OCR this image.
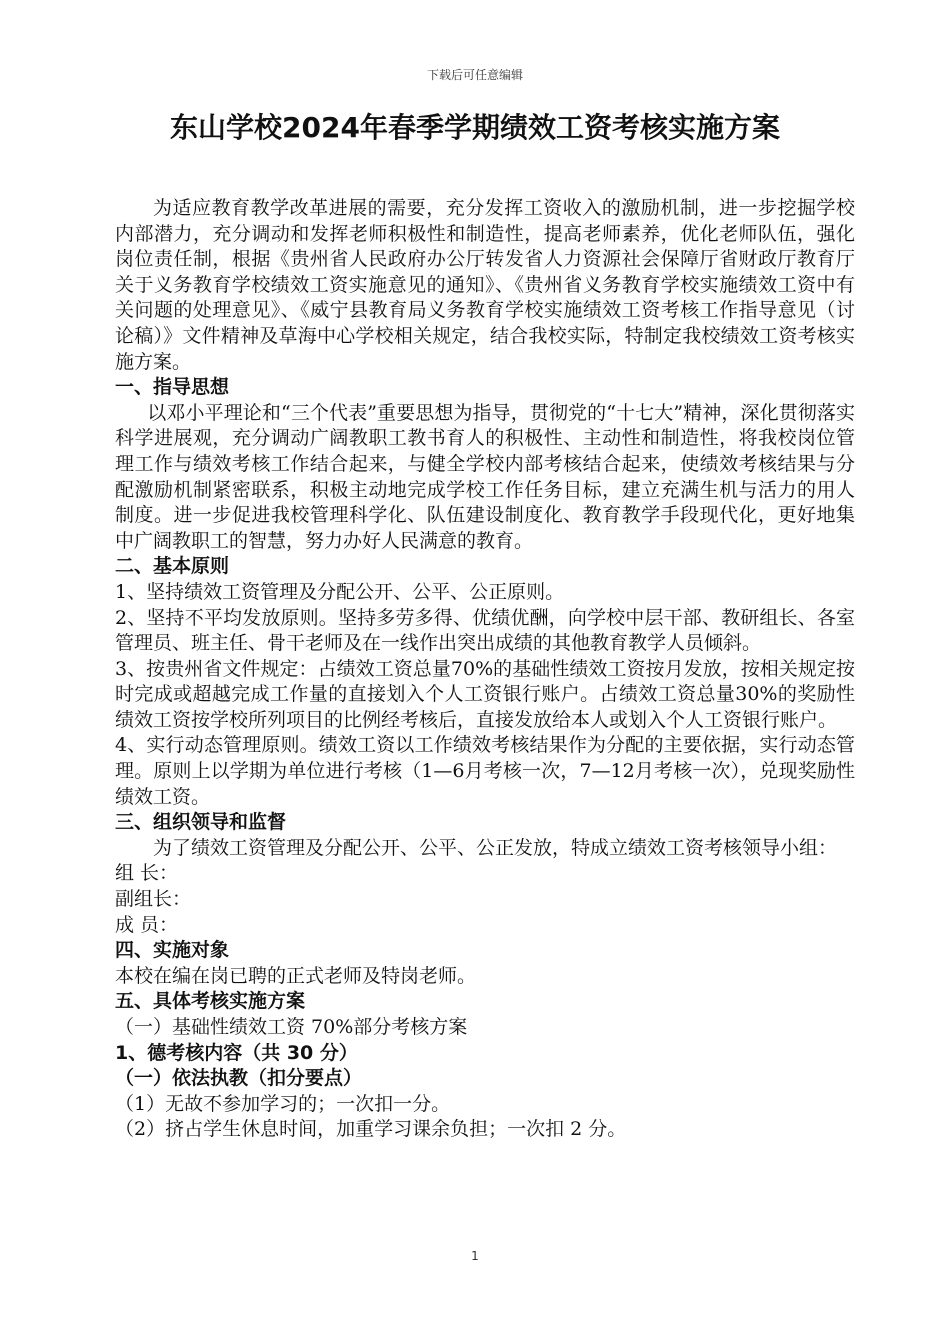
下载后可任意编辑
东山学校2024年春季学期绩效工资考核实施方案

为适应教育教学改革进展的需要，充分发挥工资收入的激励机制，进一步挖掘学校内部潜力，充分调动和发挥老师积极性和制造性，提高老师素养，优化老师队伍，强化岗位责任制，根据《贵州省人民政府办公厅转发省人力资源社会保障厅省财政厅教育厅关于义务教育学校绩效工资实施意见的通知》、《贵州省义务教育学校实施绩效工资中有关问题的处理意见》、《威宁县教育局义务教育学校实施绩效工资考核工作指导意见（讨论稿）》文件精神及草海中心学校相关规定，结合我校实际，特制定我校绩效工资考核实施方案。

一、指导思想

以邓小平理论和“三个代表”重要思想为指导，贯彻党的“十七大”精神，深化贯彻落实科学进展观，充分调动广阔教职工教书育人的积极性、主动性和制造性，将我校岗位管理工作与绩效考核工作结合起来，与健全学校内部考核结合起来，使绩效考核结果与分配激励机制紧密联系，积极主动地完成学校工作任务目标，建立充满生机与活力的用人制度。进一步促进我校管理科学化、队伍建设制度化、教育教学手段现代化，更好地集中广阔教职工的智慧，努力办好人民满意的教育。

二、基本原则

1、坚持绩效工资管理及分配公开、公平、公正原则。

2、坚持不平均发放原则。坚持多劳多得、优绩优酬，向学校中层干部、教研组长、各室管理员、班主任、骨干老师及在一线作出突出成绩的其他教育教学人员倾斜。

3、按贵州省文件规定：占绩效工资总量70%的基础性绩效工资按月发放，按相关规定按时完成或超越完成工作量的直接划入个人工资银行账户。占绩效工资总量30%的奖励性绩效工资按学校所列项目的比例经考核后，直接发放给本人或划入个人工资银行账户。

4、实行动态管理原则。绩效工资以工作绩效考核结果作为分配的主要依据，实行动态管理。原则上以学期为单位进行考核（1—6月考核一次，7—12月考核一次），兑现奖励性绩效工资。

三、组织领导和监督

为了绩效工资管理及分配公开、公平、公正发放，特成立绩效工资考核领导小组：

组 长：

副组长：

成 员：

四、实施对象

本校在编在岗已聘的正式老师及特岗老师。

五、具体考核实施方案

（一）基础性绩效工资 70%部分考核方案

1、德考核内容（共 30 分）

（一）依法执教（扣分要点）

（1）无故不参加学习的；一次扣一分。

（2）挤占学生休息时间，加重学习课余负担；一次扣 2 分。

1
